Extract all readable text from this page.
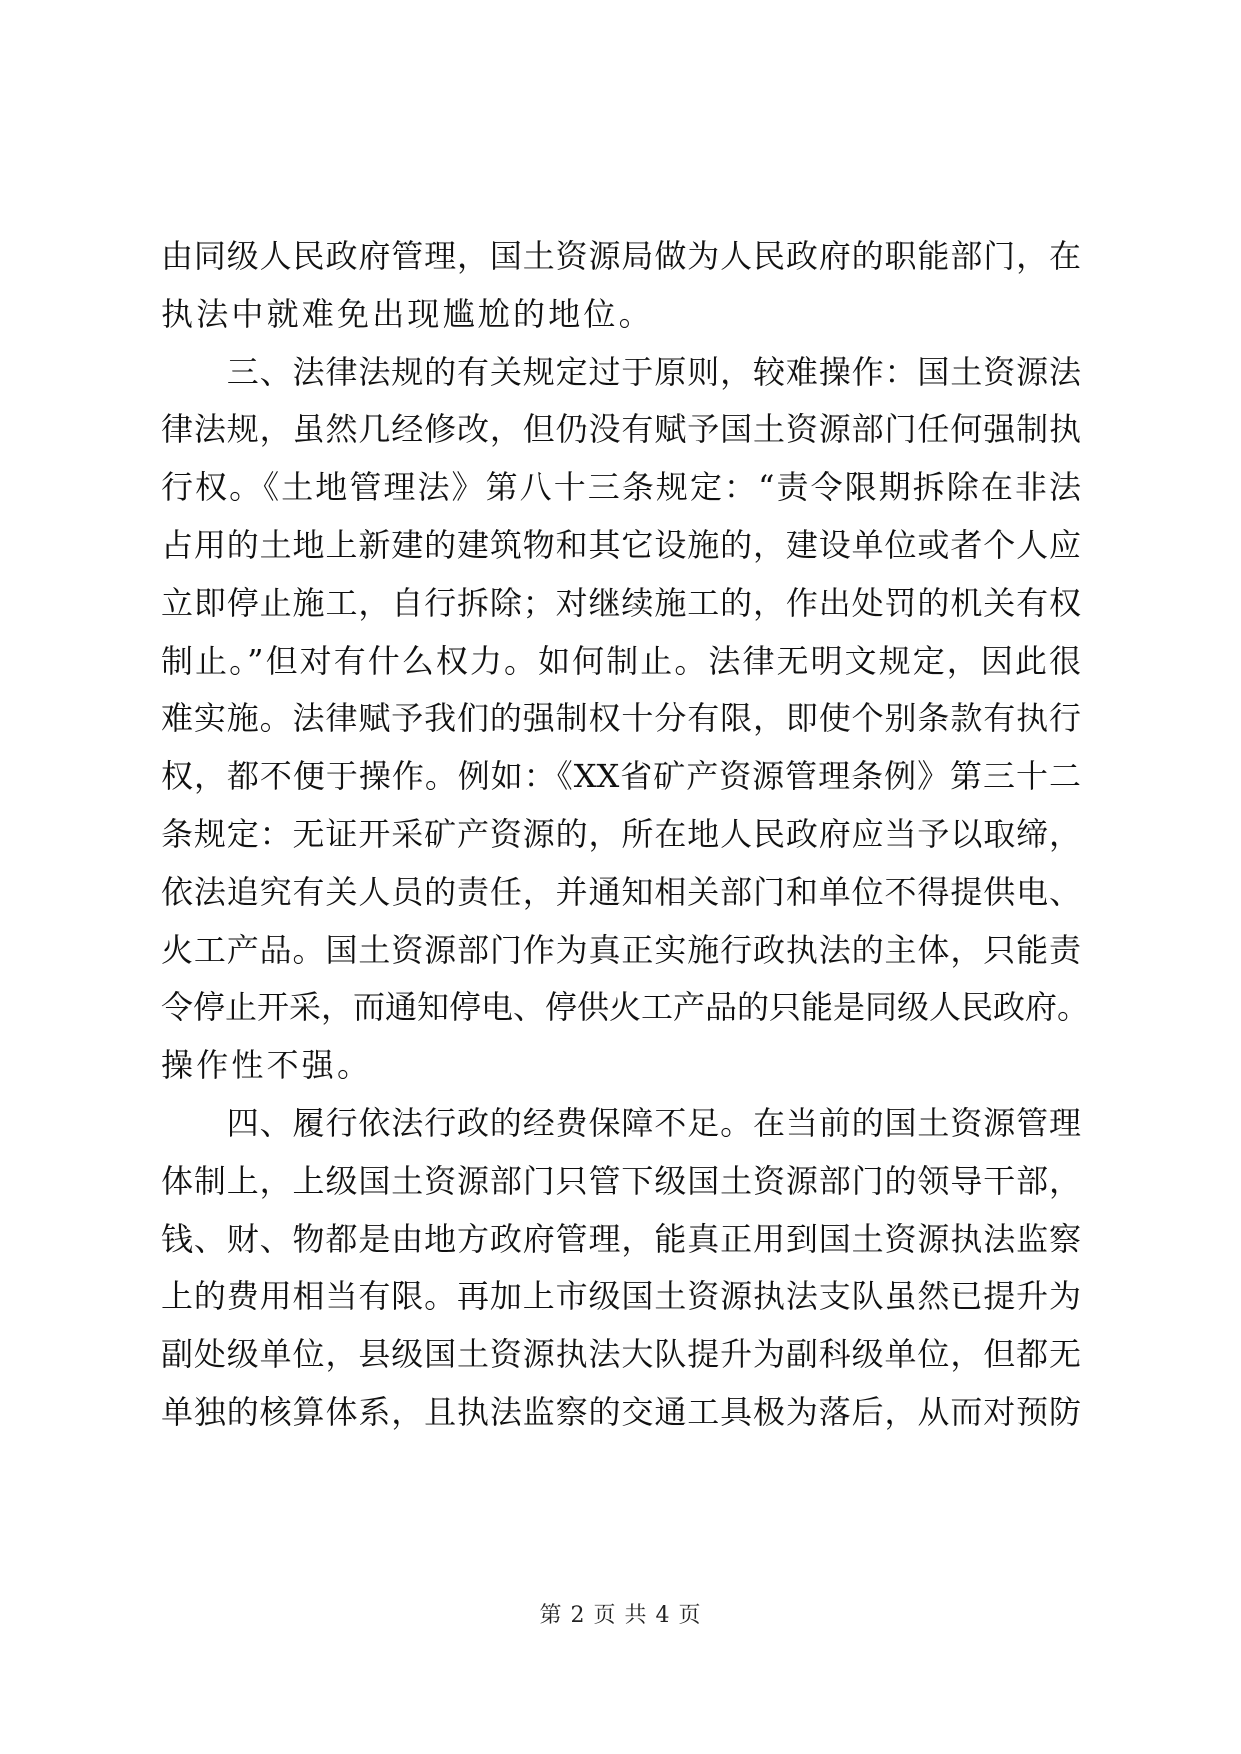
由同级人民政府管理，国土资源局做为人民政府的职能部门，在
执法中就难免出现尴尬的地位。
　　三、法律法规的有关规定过于原则，较难操作：国土资源法
律法规，虽然几经修改，但仍没有赋予国土资源部门任何强制执
行权。《土地管理法》第八十三条规定：“责令限期拆除在非法
占用的土地上新建的建筑物和其它设施的，建设单位或者个人应
立即停止施工，自行拆除；对继续施工的，作出处罚的机关有权
制止。”但对有什么权力。如何制止。法律无明文规定，因此很
难实施。法律赋予我们的强制权十分有限，即使个别条款有执行
权，都不便于操作。例如：《XX省矿产资源管理条例》第三十二
条规定：无证开采矿产资源的，所在地人民政府应当予以取缔，
依法追究有关人员的责任，并通知相关部门和单位不得提供电、
火工产品。国土资源部门作为真正实施行政执法的主体，只能责
令停止开采，而通知停电、停供火工产品的只能是同级人民政府。
操作性不强。
　　四、履行依法行政的经费保障不足。在当前的国土资源管理
体制上，上级国土资源部门只管下级国土资源部门的领导干部，
钱、财、物都是由地方政府管理，能真正用到国土资源执法监察
上的费用相当有限。再加上市级国土资源执法支队虽然已提升为
副处级单位，县级国土资源执法大队提升为副科级单位，但都无
单独的核算体系，且执法监察的交通工具极为落后，从而对预防
第 2 页 共 4 页
